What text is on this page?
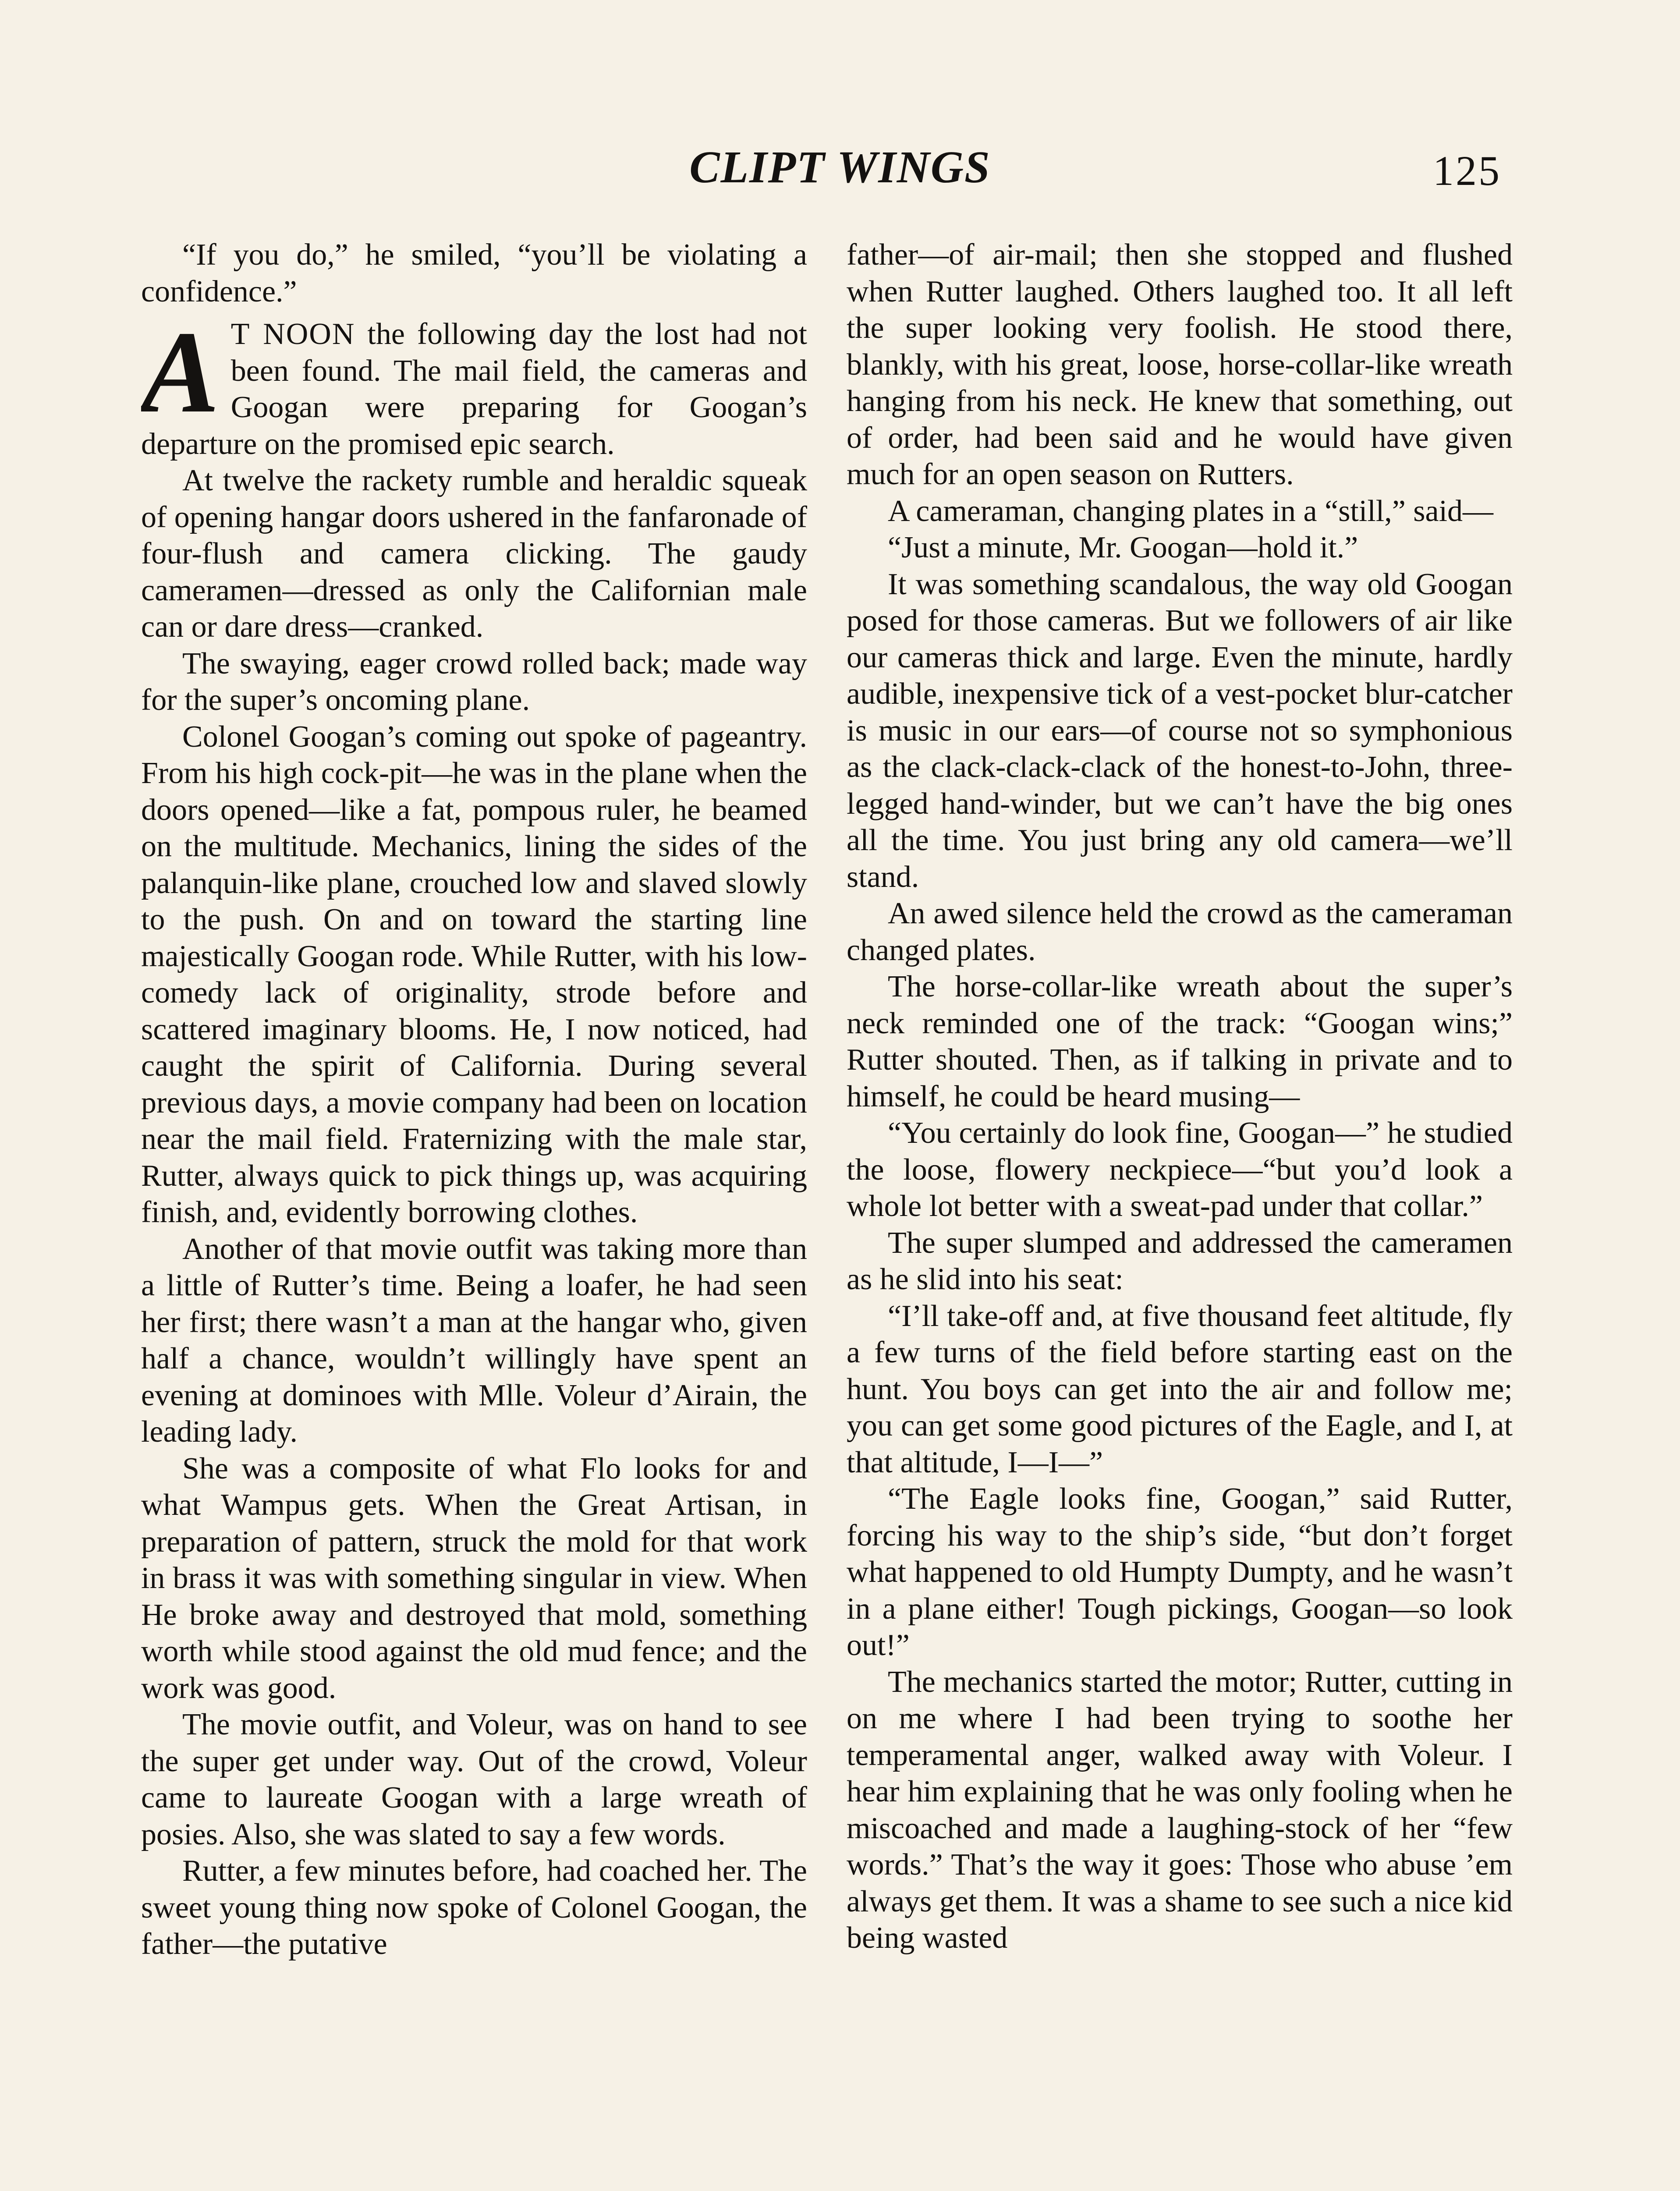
CLIPT WINGS	125

“If you do,” he smiled, “you’ll be violating a confidence.”

A T NOON the following day the lost had not been found. The mail field, the cameras and Googan were preparing for Googan’s departure on the promised epic search.

At twelve the rackety rumble and heraldic squeak of opening hangar doors ushered in the fanfaronade of four-flush and camera clicking. The gaudy cameramen—dressed as only the Californian male can or dare dress—cranked.

The swaying, eager crowd rolled back; made way for the super’s oncoming plane.

Colonel Googan’s coming out spoke of pageantry. From his high cock-pit—he was in the plane when the doors opened—like a fat, pompous ruler, he beamed on the multitude. Mechanics, lining the sides of the palanquin-like plane, crouched low and slaved slowly to the push. On and on toward the starting line majestically Googan rode. While Rutter, with his low-comedy lack of originality, strode before and scattered imaginary blooms. He, I now noticed, had caught the spirit of California. During several previous days, a movie company had been on location near the mail field. Fraternizing with the male star, Rutter, always quick to pick things up, was acquiring finish, and, evidently borrowing clothes.

Another of that movie outfit was taking more than a little of Rutter’s time. Being a loafer, he had seen her first; there wasn’t a man at the hangar who, given half a chance, wouldn’t willingly have spent an evening at dominoes with Mlle. Voleur d’Airain, the leading lady.

She was a composite of what Flo looks for and what Wampus gets. When the Great Artisan, in preparation of pattern, struck the mold for that work in brass it was with something singular in view. When He broke away and destroyed that mold, something worth while stood against the old mud fence; and the work was good.

The movie outfit, and Voleur, was on hand to see the super get under way. Out of the crowd, Voleur came to laureate Googan with a large wreath of posies. Also, she was slated to say a few words.

Rutter, a few minutes before, had coached her. The sweet young thing now spoke of Colonel Googan, the father—the putative

father—of air-mail; then she stopped and flushed when Rutter laughed. Others laughed too. It all left the super looking very foolish. He stood there, blankly, with his great, loose, horse-collar-like wreath hanging from his neck. He knew that something, out of order, had been said and he would have given much for an open season on Rutters.

A cameraman, changing plates in a “still,” said—

“Just a minute, Mr. Googan—hold it.”

It was something scandalous, the way old Googan posed for those cameras. But we followers of air like our cameras thick and large. Even the minute, hardly audible, inexpensive tick of a vest-pocket blur-catcher is music in our ears—of course not so symphonious as the clack-clack-clack of the honest-to-John, three-legged hand-winder, but we can’t have the big ones all the time. You just bring any old camera—we’ll stand.

An awed silence held the crowd as the cameraman changed plates.

The horse-collar-like wreath about the super’s neck reminded one of the track: “Googan wins;” Rutter shouted. Then, as if talking in private and to himself, he could be heard musing—

“You certainly do look fine, Googan—” he studied the loose, flowery neckpiece—“but you’d look a whole lot better with a sweat-pad under that collar.”

The super slumped and addressed the cameramen as he slid into his seat:

“I’ll take-off and, at five thousand feet altitude, fly a few turns of the field before starting east on the hunt. You boys can get into the air and follow me; you can get some good pictures of the Eagle, and I, at that altitude, I—I—”

“The Eagle looks fine, Googan,” said Rutter, forcing his way to the ship’s side, “but don’t forget what happened to old Humpty Dumpty, and he wasn’t in a plane either! Tough pickings, Googan—so look out!”

The mechanics started the motor; Rutter, cutting in on me where I had been trying to soothe her temperamental anger, walked away with Voleur. I hear him explaining that he was only fooling when he miscoached and made a laughing-stock of her “few words.” That’s the way it goes: Those who abuse ’em always get them. It was a shame to see such a nice kid being wasted
